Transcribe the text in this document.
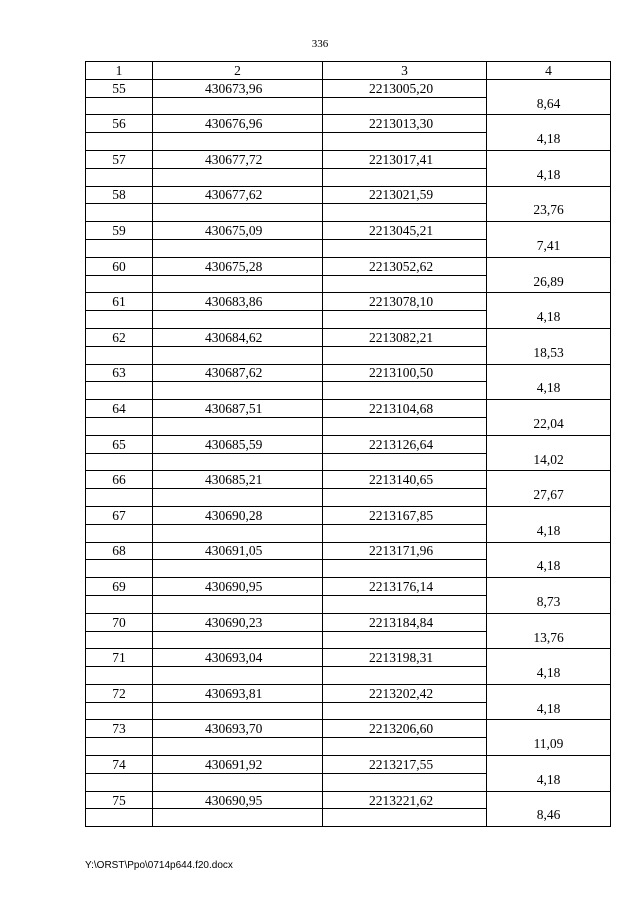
336
1	2	3	4
55	430673,96	2213005,20	8,64

56	430676,96	2213013,30	4,18

57	430677,72	2213017,41	4,18

58	430677,62	2213021,59	23,76

59	430675,09	2213045,21	7,41

60	430675,28	2213052,62	26,89

61	430683,86	2213078,10	4,18

62	430684,62	2213082,21	18,53

63	430687,62	2213100,50	4,18

64	430687,51	2213104,68	22,04

65	430685,59	2213126,64	14,02

66	430685,21	2213140,65	27,67

67	430690,28	2213167,85	4,18

68	430691,05	2213171,96	4,18

69	430690,95	2213176,14	8,73

70	430690,23	2213184,84	13,76

71	430693,04	2213198,31	4,18

72	430693,81	2213202,42	4,18

73	430693,70	2213206,60	11,09

74	430691,92	2213217,55	4,18

75	430690,95	2213221,62	8,46

Y:\ORST\Ppo\0714p644.f20.docx
